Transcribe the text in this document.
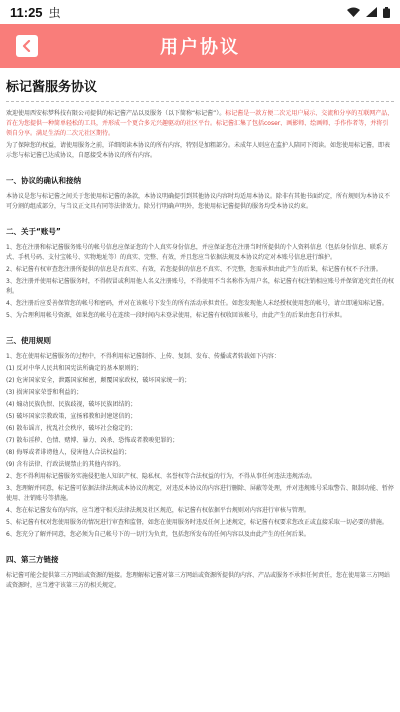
11:25 虫
用户协议
标记酱服务协议

欢迎使用西安标梦科技有限公司提供的标记酱产品以及服务（以下简称“标记酱”）。标记酱是一款方便二次元用户展示、交流和分享的互联网产品，首在为您提供一种简单轻松的工具，并形成一个更合多元兴趣驱动的社区平台。标记酱汇集了包括coser、画影师、绘画师、手作作者等，并将引领自分享。满足生活的二次元社区期待。

为了保障您的权益，请使用服务之前，详细阅读本协议的所有内容，特别是加粗部分。未成年人则应在监护人陪同下阅读。如您使用标记酱，即表示您与标记酱已达成协议，自愿接受本协议的所有内容。

一、协议的确认和接纳

本协议是您与标记酱之间关于您使用标记酱的条款，本协议明确提引到其他协议内容时均适用本协议。除非有其他书面约定，所有规则为本协议不可分割的组成部分，与当议正文具有同等法律效力。除另行明确声明外，您使用标记酱提供的服务均受本协议约束。

二、关于“账号”

1、您在注册和标记酱服务账号的帐号信息应保证您的个人真实身份信息，并应保证您在注册当时所提供的个人资料信息（包括身份信息、联系方式、手机号码、支付宝帐号、实物地址等）的真实、完整、有效，并且您应当依据法规及本协议约定对本账号信息进行维护。

2、标记酱有权审查您注册所提供的信息是否真实、有效，若您提供的信息不真实、不完整，您需承担由此产生的后果，标记酱有权不予注册。

3、您注册并使用标记酱服务时，不得假冒或利用他人名义注册账号，不得使用不当名称作为用户名，标记酱有权注销相应账号并保留追究责任的权利。

4、您注册后应妥善保管您的帐号和密码，并对在该帐号下发生的所有活动承担责任。如您发现他人未经授权使用您的帐号，请立即通知标记酱。

5、为合理利用帐号资源，如果您的帐号在连续一段时间内未登录使用，标记酱有权收回该帐号，由此产生的后果由您自行承担。

三、使用规则

1、您在使用标记酱服务的过程中，不得利用标记酱制作、上传、复制、发布、传播或者转载如下内容：

(1) 反对中华人民共和国宪法所确定的基本原则的；

(2) 危害国家安全，泄露国家秘密，颠覆国家政权，破坏国家统一的；

(3) 损害国家荣誉和利益的；

(4) 煽动民族仇恨、民族歧视，破坏民族团结的；

(5) 破坏国家宗教政策，宣扬邪教和封建迷信的；

(6) 散布谣言，扰乱社会秩序，破坏社会稳定的；

(7) 散布淫秽、色情、赌博、暴力、凶杀、恐怖或者教唆犯罪的；

(8) 侮辱或者诽谤他人，侵害他人合法权益的；

(9) 含有法律、行政法规禁止的其他内容的。

2、您不得利用标记酱服务实施侵犯他人知识产权、隐私权、名誉权等合法权益的行为，不得从事任何违法违规活动。

3、您理解并同意，标记酱可依据法律法规或本协议的规定，对违反本协议的内容进行删除、屏蔽等处理，并对违规账号采取警告、限制功能、暂停使用、注销账号等措施。

4、您在标记酱发布的内容，应当遵守相关法律法规及社区规范，标记酱有权依据平台规则对内容进行审核与管理。

5、标记酱有权对您使用服务的情况进行审查和监督，如您在使用服务时违反任何上述规定，标记酱有权要求您改正或直接采取一切必要的措施。

6、您充分了解并同意，您必须为自己帐号下的一切行为负责，包括您所发布的任何内容以及由此产生的任何后果。

四、第三方链接

标记酱可能会提供第三方网站或资源的链接。您理解标记酱对第三方网站或资源所提供的内容、产品或服务不承担任何责任，您在使用第三方网站或资源时，应当遵守该第三方的相关规定。
